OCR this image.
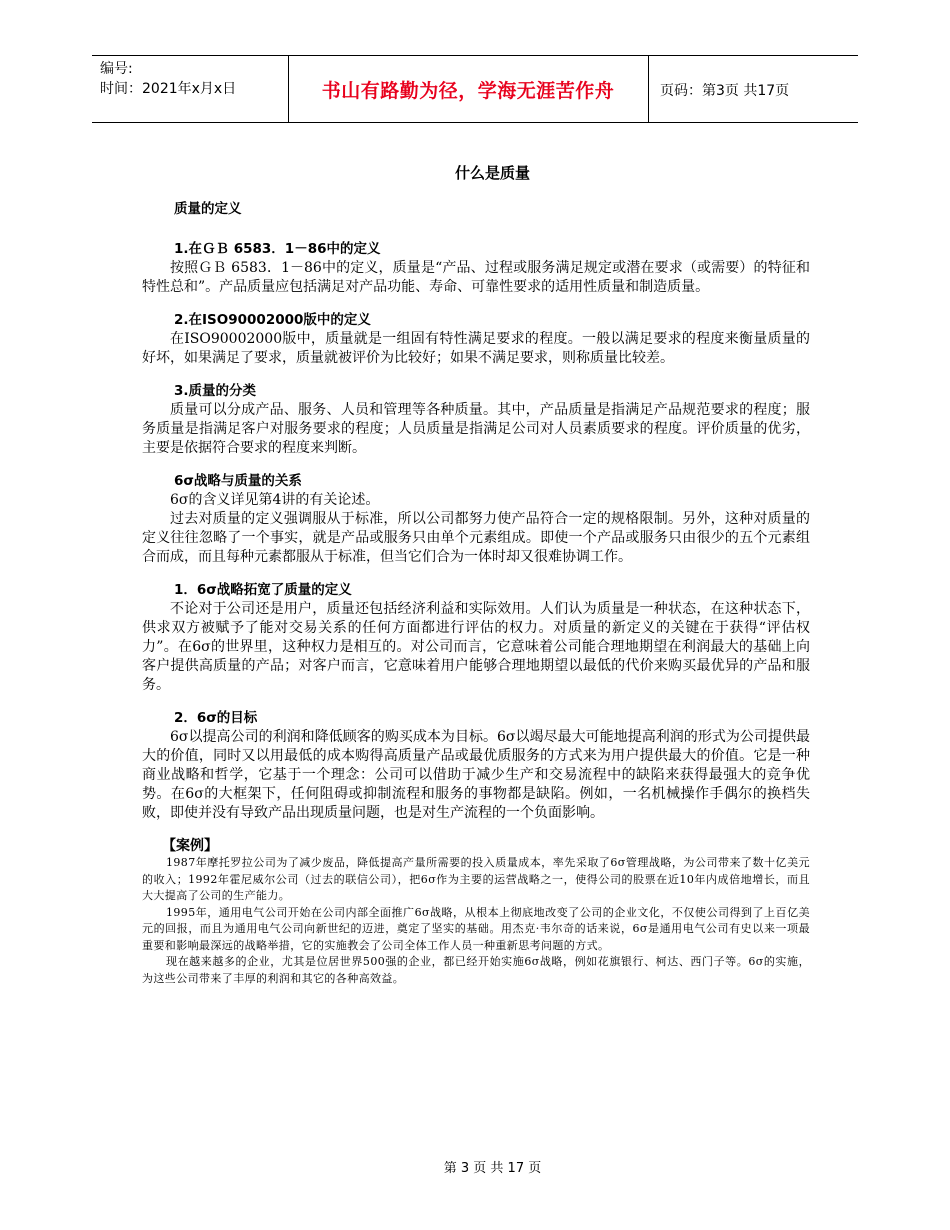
编号:
时间：2021年x月x日	书山有路勤为径，学海无涯苦作舟	页码：第3页 共17页
什么是质量
质量的定义
1.在ＧＢ 6583．1－86中的定义

按照ＧＢ 6583．1－86中的定义，质量是“产品、过程或服务满足规定或潜在要求（或需要）的特征和特性总和”。产品质量应包括满足对产品功能、寿命、可靠性要求的适用性质量和制造质量。

2.在ISO90002000版中的定义

在ISO90002000版中，质量就是一组固有特性满足要求的程度。一般以满足要求的程度来衡量质量的好坏，如果满足了要求，质量就被评价为比较好；如果不满足要求，则称质量比较差。

3.质量的分类

质量可以分成产品、服务、人员和管理等各种质量。其中，产品质量是指满足产品规范要求的程度；服务质量是指满足客户对服务要求的程度；人员质量是指满足公司对人员素质要求的程度。评价质量的优劣，主要是依据符合要求的程度来判断。

6σ战略与质量的关系

6σ的含义详见第4讲的有关论述。

过去对质量的定义强调服从于标准，所以公司都努力使产品符合一定的规格限制。另外，这种对质量的定义往往忽略了一个事实，就是产品或服务只由单个元素组成。即使一个产品或服务只由很少的五个元素组合而成，而且每种元素都服从于标准，但当它们合为一体时却又很难协调工作。

1．6σ战略拓宽了质量的定义

不论对于公司还是用户，质量还包括经济利益和实际效用。人们认为质量是一种状态，在这种状态下，供求双方被赋予了能对交易关系的任何方面都进行评估的权力。对质量的新定义的关键在于获得“评估权力”。在6σ的世界里，这种权力是相互的。对公司而言，它意味着公司能合理地期望在利润最大的基础上向客户提供高质量的产品；对客户而言，它意味着用户能够合理地期望以最低的代价来购买最优异的产品和服务。

2．6σ的目标

6σ以提高公司的利润和降低顾客的购买成本为目标。6σ以竭尽最大可能地提高利润的形式为公司提供最大的价值，同时又以用最低的成本购得高质量产品或最优质服务的方式来为用户提供最大的价值。它是一种商业战略和哲学，它基于一个理念：公司可以借助于减少生产和交易流程中的缺陷来获得最强大的竞争优势。在6σ的大框架下，任何阻碍或抑制流程和服务的事物都是缺陷。例如，一名机械操作手偶尔的换档失败，即使并没有导致产品出现质量问题，也是对生产流程的一个负面影响。

【案例】

1987年摩托罗拉公司为了减少废品，降低提高产量所需要的投入质量成本，率先采取了6σ管理战略，为公司带来了数十亿美元的收入；1992年霍尼威尔公司（过去的联信公司），把6σ作为主要的运营战略之一，使得公司的股票在近10年内成倍地增长，而且大大提高了公司的生产能力。

1995年，通用电气公司开始在公司内部全面推广6σ战略，从根本上彻底地改变了公司的企业文化，不仅使公司得到了上百亿美元的回报，而且为通用电气公司向新世纪的迈进，奠定了坚实的基础。用杰克·韦尔奇的话来说，6σ是通用电气公司有史以来一项最重要和影响最深远的战略举措，它的实施教会了公司全体工作人员一种重新思考问题的方式。

现在越来越多的企业，尤其是位居世界500强的企业，都已经开始实施6σ战略，例如花旗银行、柯达、西门子等。6σ的实施，为这些公司带来了丰厚的利润和其它的各种高效益。

第 3 页 共 17 页
